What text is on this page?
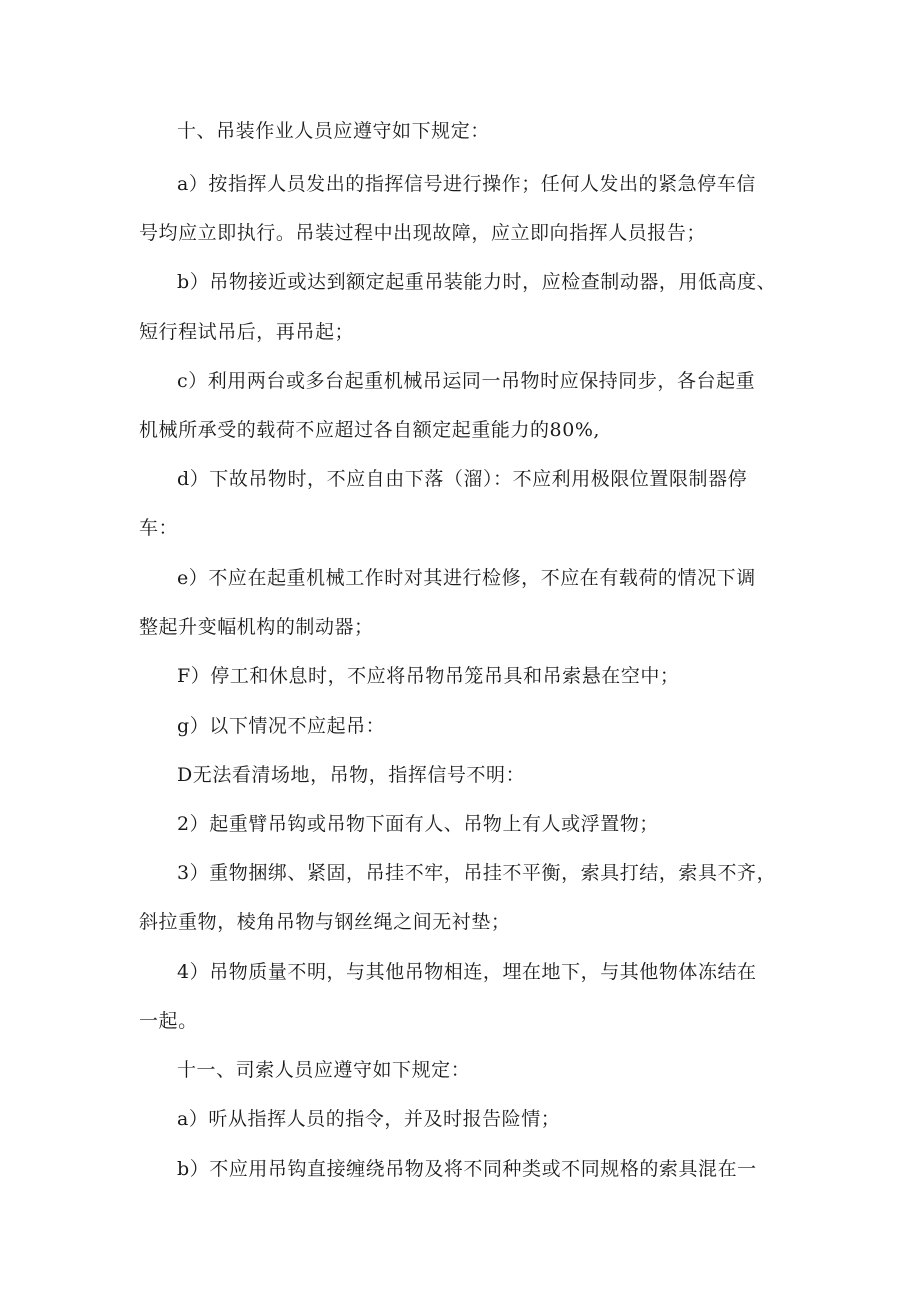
十、吊装作业人员应遵守如下规定：

a）按指挥人员发出的指挥信号进行操作；任何人发出的紧急停车信

号均应立即执行。吊装过程中出现故障，应立即向指挥人员报告；

b）吊物接近或达到额定起重吊装能力时，应检查制动器，用低高度、

短行程试吊后，再吊起；

c）利用两台或多台起重机械吊运同一吊物时应保持同步，各台起重

机械所承受的载荷不应超过各自额定起重能力的80%,

d）下故吊物时，不应自由下落（溜）：不应利用极限位置限制器停

车：

e）不应在起重机械工作时对其进行检修，不应在有载荷的情况下调

整起升变幅机构的制动器；

F）停工和休息时，不应将吊物吊笼吊具和吊索悬在空中；

g）以下情况不应起吊：

D无法看清场地，吊物，指挥信号不明：

2）起重臂吊钩或吊物下面有人、吊物上有人或浮置物；

3）重物捆绑、紧固，吊挂不牢，吊挂不平衡，索具打结，索具不齐，

斜拉重物，棱角吊物与钢丝绳之间无衬垫；

4）吊物质量不明，与其他吊物相连，埋在地下，与其他物体冻结在

一起。

十一、司索人员应遵守如下规定：

a）听从指挥人员的指令，并及时报告险情；

b）不应用吊钩直接缠绕吊物及将不同种类或不同规格的索具混在一
